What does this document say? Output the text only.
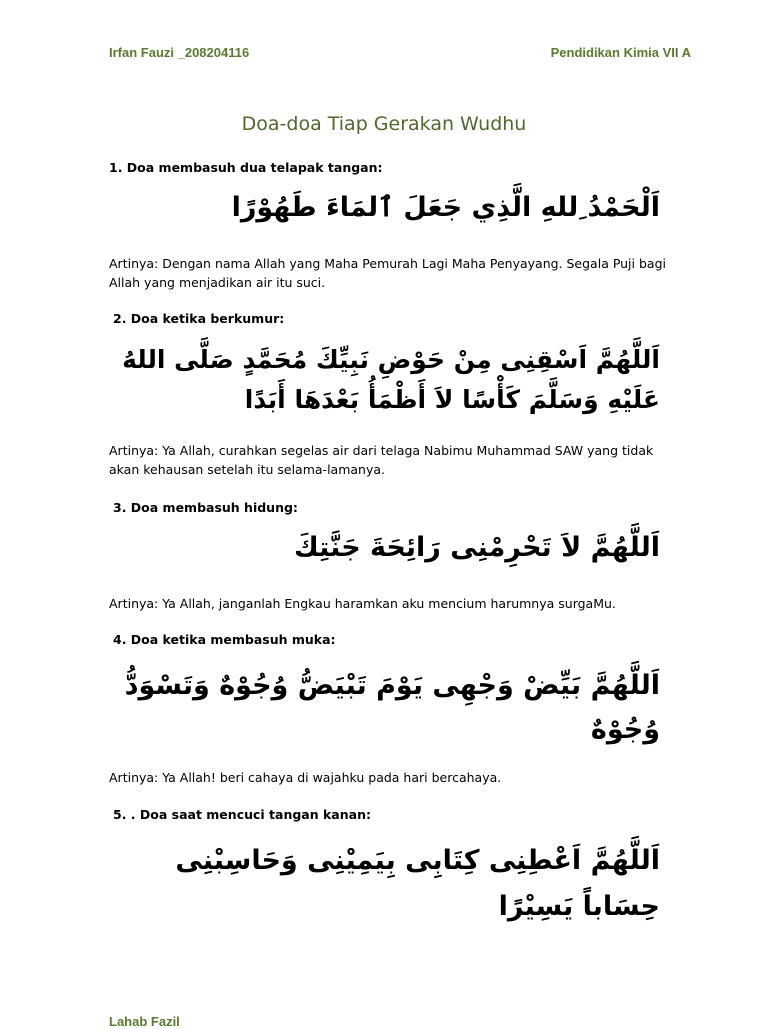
Irfan Fauzi _208204116	Pendidikan Kimia VII A
Doa-doa Tiap Gerakan Wudhu
1. Doa membasuh dua telapak tangan:
اَلْحَمْدُ ِللهِ الَّذِي جَعَلَ ٱلمَاءَ طَهُوْرًا
Artinya: Dengan nama Allah yang Maha Pemurah Lagi Maha Penyayang. Segala Puji bagi Allah yang menjadikan air itu suci.
2. Doa ketika berkumur:
اَللَّهُمَّ اَسْقِنِى مِنْ حَوْضِ نَبِيِّكَ مُحَمَّدٍ صَلَّى اللهُ عَلَيْهِ وَسَلَّمَ كَأْسًا لاَ أَظْمَأُ بَعْدَهَا أَبَدًا
Artinya: Ya Allah, curahkan segelas air dari telaga Nabimu Muhammad SAW yang tidak akan kehausan setelah itu selama-lamanya.
3. Doa membasuh hidung:
اَللَّهُمَّ لاَ تَحْرِمْنِى رَائِحَةَ جَنَّتِكَ
Artinya: Ya Allah, janganlah Engkau haramkan aku mencium harumnya surgaMu.
4. Doa ketika membasuh muka:
اَللَّهُمَّ بَيِّضْ وَجْهِى يَوْمَ تَبْيَضُّ وُجُوْهٌ وَتَسْوَدُّ وُجُوْهٌ
Artinya: Ya Allah! beri cahaya di wajahku pada hari bercahaya.
5. . Doa saat mencuci tangan kanan:
اَللَّهُمَّ اَعْطِنِى كِتَابِى بِيَمِيْنِى وَحَاسِبْنِى حِسَاباً يَسِيْرًا
Lahab Fazil
